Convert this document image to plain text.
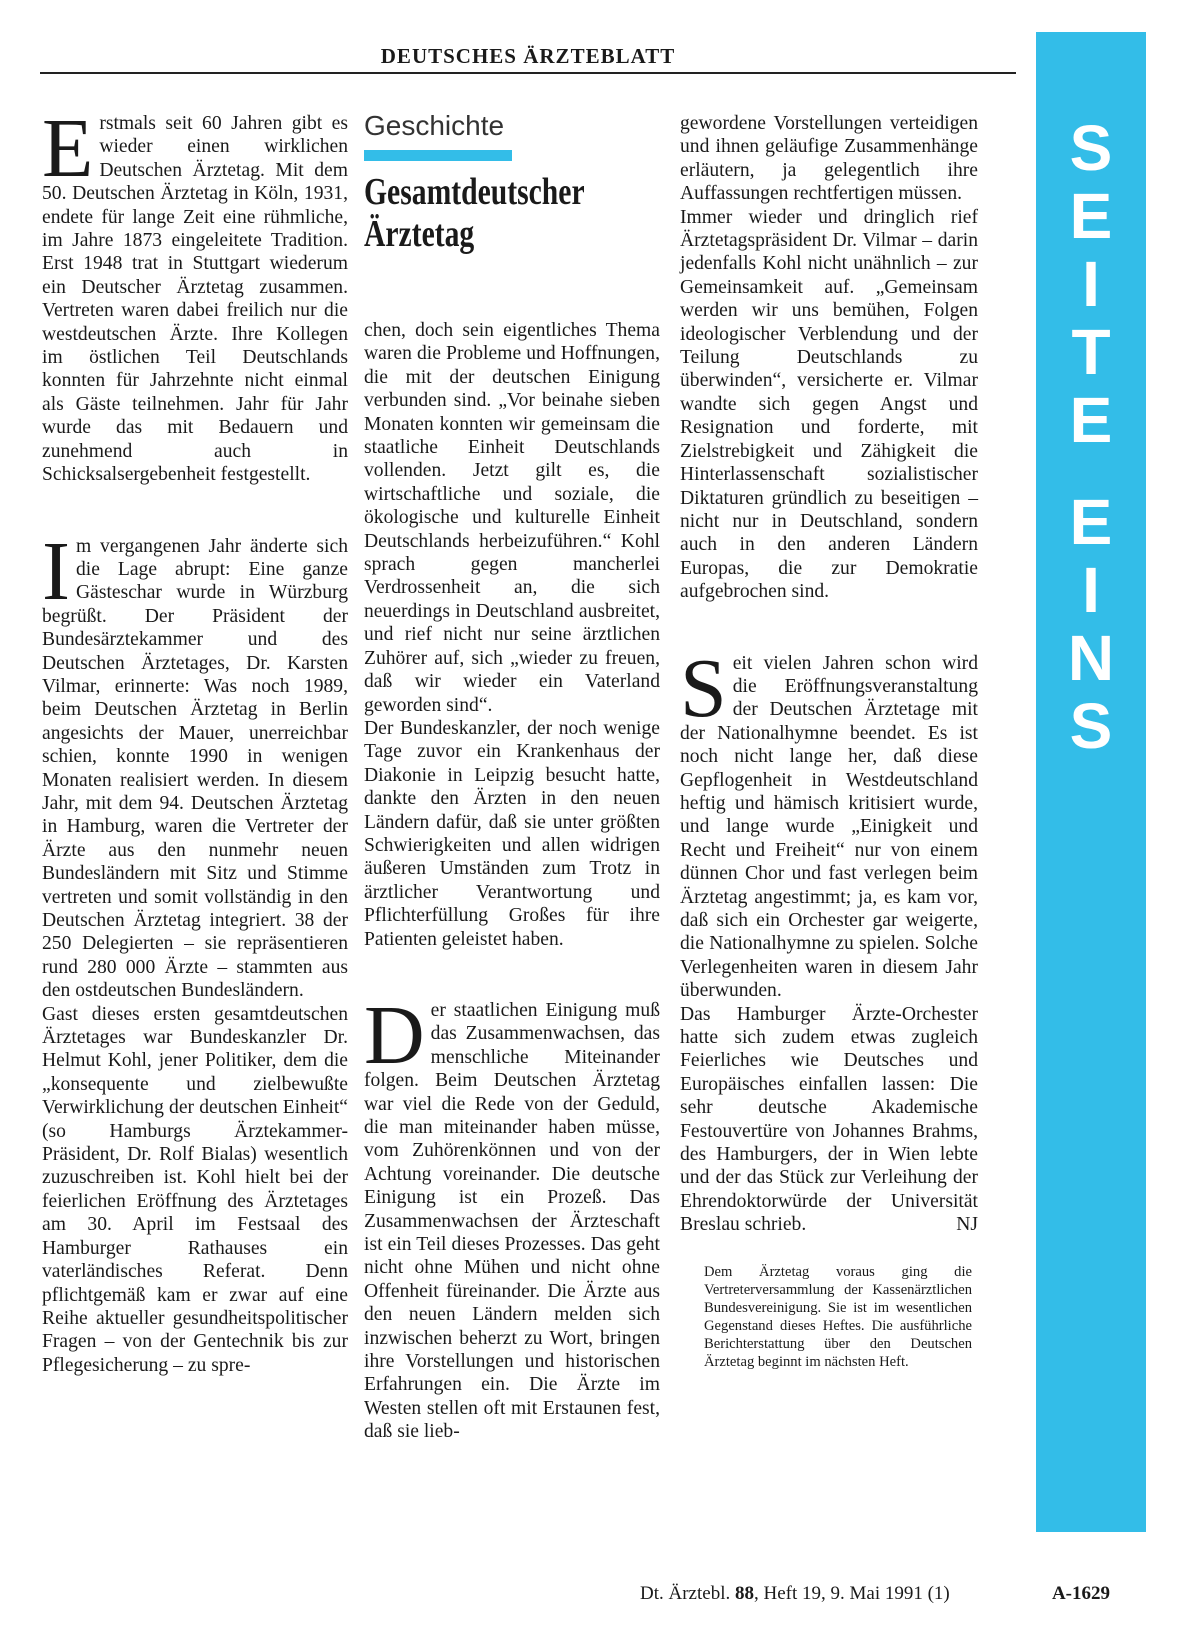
DEUTSCHES ÄRZTEBLATT
S
E
I
T
E
E
I
N
S

Erstmals seit 60 Jahren gibt es wieder einen wirklichen Deutschen Ärztetag. Mit dem 50. Deutschen Ärztetag in Köln, 1931, endete für lange Zeit eine rühmliche, im Jahre 1873 eingeleitete Tradition. Erst 1948 trat in Stuttgart wiederum ein Deutscher Ärztetag zusammen. Vertreten waren dabei freilich nur die westdeutschen Ärzte. Ihre Kollegen im östlichen Teil Deutschlands konnten für Jahrzehnte nicht einmal als Gäste teilnehmen. Jahr für Jahr wurde das mit Bedauern und zunehmend auch in Schicksalsergebenheit festgestellt.

Im vergangenen Jahr änderte sich die Lage abrupt: Eine ganze Gästeschar wurde in Würzburg begrüßt. Der Präsident der Bundesärztekammer und des Deutschen Ärztetages, Dr. Karsten Vilmar, erinnerte: Was noch 1989, beim Deutschen Ärztetag in Berlin angesichts der Mauer, unerreichbar schien, konnte 1990 in wenigen Monaten realisiert werden. In diesem Jahr, mit dem 94. Deutschen Ärztetag in Hamburg, waren die Vertreter der Ärzte aus den nunmehr neuen Bundesländern mit Sitz und Stimme vertreten und somit vollständig in den Deutschen Ärztetag integriert. 38 der 250 Delegierten – sie repräsentieren rund 280 000 Ärzte – stammten aus den ostdeutschen Bundesländern.

Gast dieses ersten gesamtdeutschen Ärztetages war Bundeskanzler Dr. Helmut Kohl, jener Politiker, dem die „konsequente und zielbewußte Verwirklichung der deutschen Einheit“ (so Hamburgs Ärztekammer-Präsident, Dr. Rolf Bialas) wesentlich zuzuschreiben ist. Kohl hielt bei der feierlichen Eröffnung des Ärztetages am 30. April im Festsaal des Hamburger Rathauses ein vaterländisches Referat. Denn pflichtgemäß kam er zwar auf eine Reihe aktueller gesundheitspolitischer Fragen – von der Gentechnik bis zur Pflegesicherung – zu spre-

Geschichte
Gesamtdeutscher Ärztetag

chen, doch sein eigentliches Thema waren die Probleme und Hoffnungen, die mit der deutschen Einigung verbunden sind. „Vor beinahe sieben Monaten konnten wir gemeinsam die staatliche Einheit Deutschlands vollenden. Jetzt gilt es, die wirtschaftliche und soziale, die ökologische und kulturelle Einheit Deutschlands herbeizuführen.“ Kohl sprach gegen mancherlei Verdrossenheit an, die sich neuerdings in Deutschland ausbreitet, und rief nicht nur seine ärztlichen Zuhörer auf, sich „wieder zu freuen, daß wir wieder ein Vaterland geworden sind“.

Der Bundeskanzler, der noch wenige Tage zuvor ein Krankenhaus der Diakonie in Leipzig besucht hatte, dankte den Ärzten in den neuen Ländern dafür, daß sie unter größten Schwierigkeiten und allen widrigen äußeren Umständen zum Trotz in ärztlicher Verantwortung und Pflichterfüllung Großes für ihre Patienten geleistet haben.

Der staatlichen Einigung muß das Zusammenwachsen, das menschliche Miteinander folgen. Beim Deutschen Ärztetag war viel die Rede von der Geduld, die man miteinander haben müsse, vom Zuhörenkönnen und von der Achtung voreinander. Die deutsche Einigung ist ein Prozeß. Das Zusammenwachsen der Ärzteschaft ist ein Teil dieses Prozesses. Das geht nicht ohne Mühen und nicht ohne Offenheit füreinander. Die Ärzte aus den neuen Ländern melden sich inzwischen beherzt zu Wort, bringen ihre Vorstellungen und historischen Erfahrungen ein. Die Ärzte im Westen stellen oft mit Erstaunen fest, daß sie lieb-

gewordene Vorstellungen verteidigen und ihnen geläufige Zusammenhänge erläutern, ja gelegentlich ihre Auffassungen rechtfertigen müssen.

Immer wieder und dringlich rief Ärztetagspräsident Dr. Vilmar – darin jedenfalls Kohl nicht unähnlich – zur Gemeinsamkeit auf. „Gemeinsam werden wir uns bemühen, Folgen ideologischer Verblendung und der Teilung Deutschlands zu überwinden“, versicherte er. Vilmar wandte sich gegen Angst und Resignation und forderte, mit Zielstrebigkeit und Zähigkeit die Hinterlassenschaft sozialistischer Diktaturen gründlich zu beseitigen – nicht nur in Deutschland, sondern auch in den anderen Ländern Europas, die zur Demokratie aufgebrochen sind.

Seit vielen Jahren schon wird die Eröffnungsveranstaltung der Deutschen Ärztetage mit der Nationalhymne beendet. Es ist noch nicht lange her, daß diese Gepflogenheit in Westdeutschland heftig und hämisch kritisiert wurde, und lange wurde „Einigkeit und Recht und Freiheit“ nur von einem dünnen Chor und fast verlegen beim Ärztetag angestimmt; ja, es kam vor, daß sich ein Orchester gar weigerte, die Nationalhymne zu spielen. Solche Verlegenheiten waren in diesem Jahr überwunden.

Das Hamburger Ärzte-Orchester hatte sich zudem etwas zugleich Feierliches wie Deutsches und Europäisches einfallen lassen: Die sehr deutsche Akademische Festouvertüre von Johannes Brahms, des Hamburgers, der in Wien lebte und der das Stück zur Verleihung der Ehrendoktorwürde der Universität Breslau schrieb.	NJ

Dem Ärztetag voraus ging die Vertreterversammlung der Kassenärztlichen Bundesvereinigung. Sie ist im wesentlichen Gegenstand dieses Heftes. Die ausführliche Berichterstattung über den Deutschen Ärztetag beginnt im nächsten Heft.
Dt. Ärztebl. 88, Heft 19, 9. Mai 1991 (1)	A-1629
